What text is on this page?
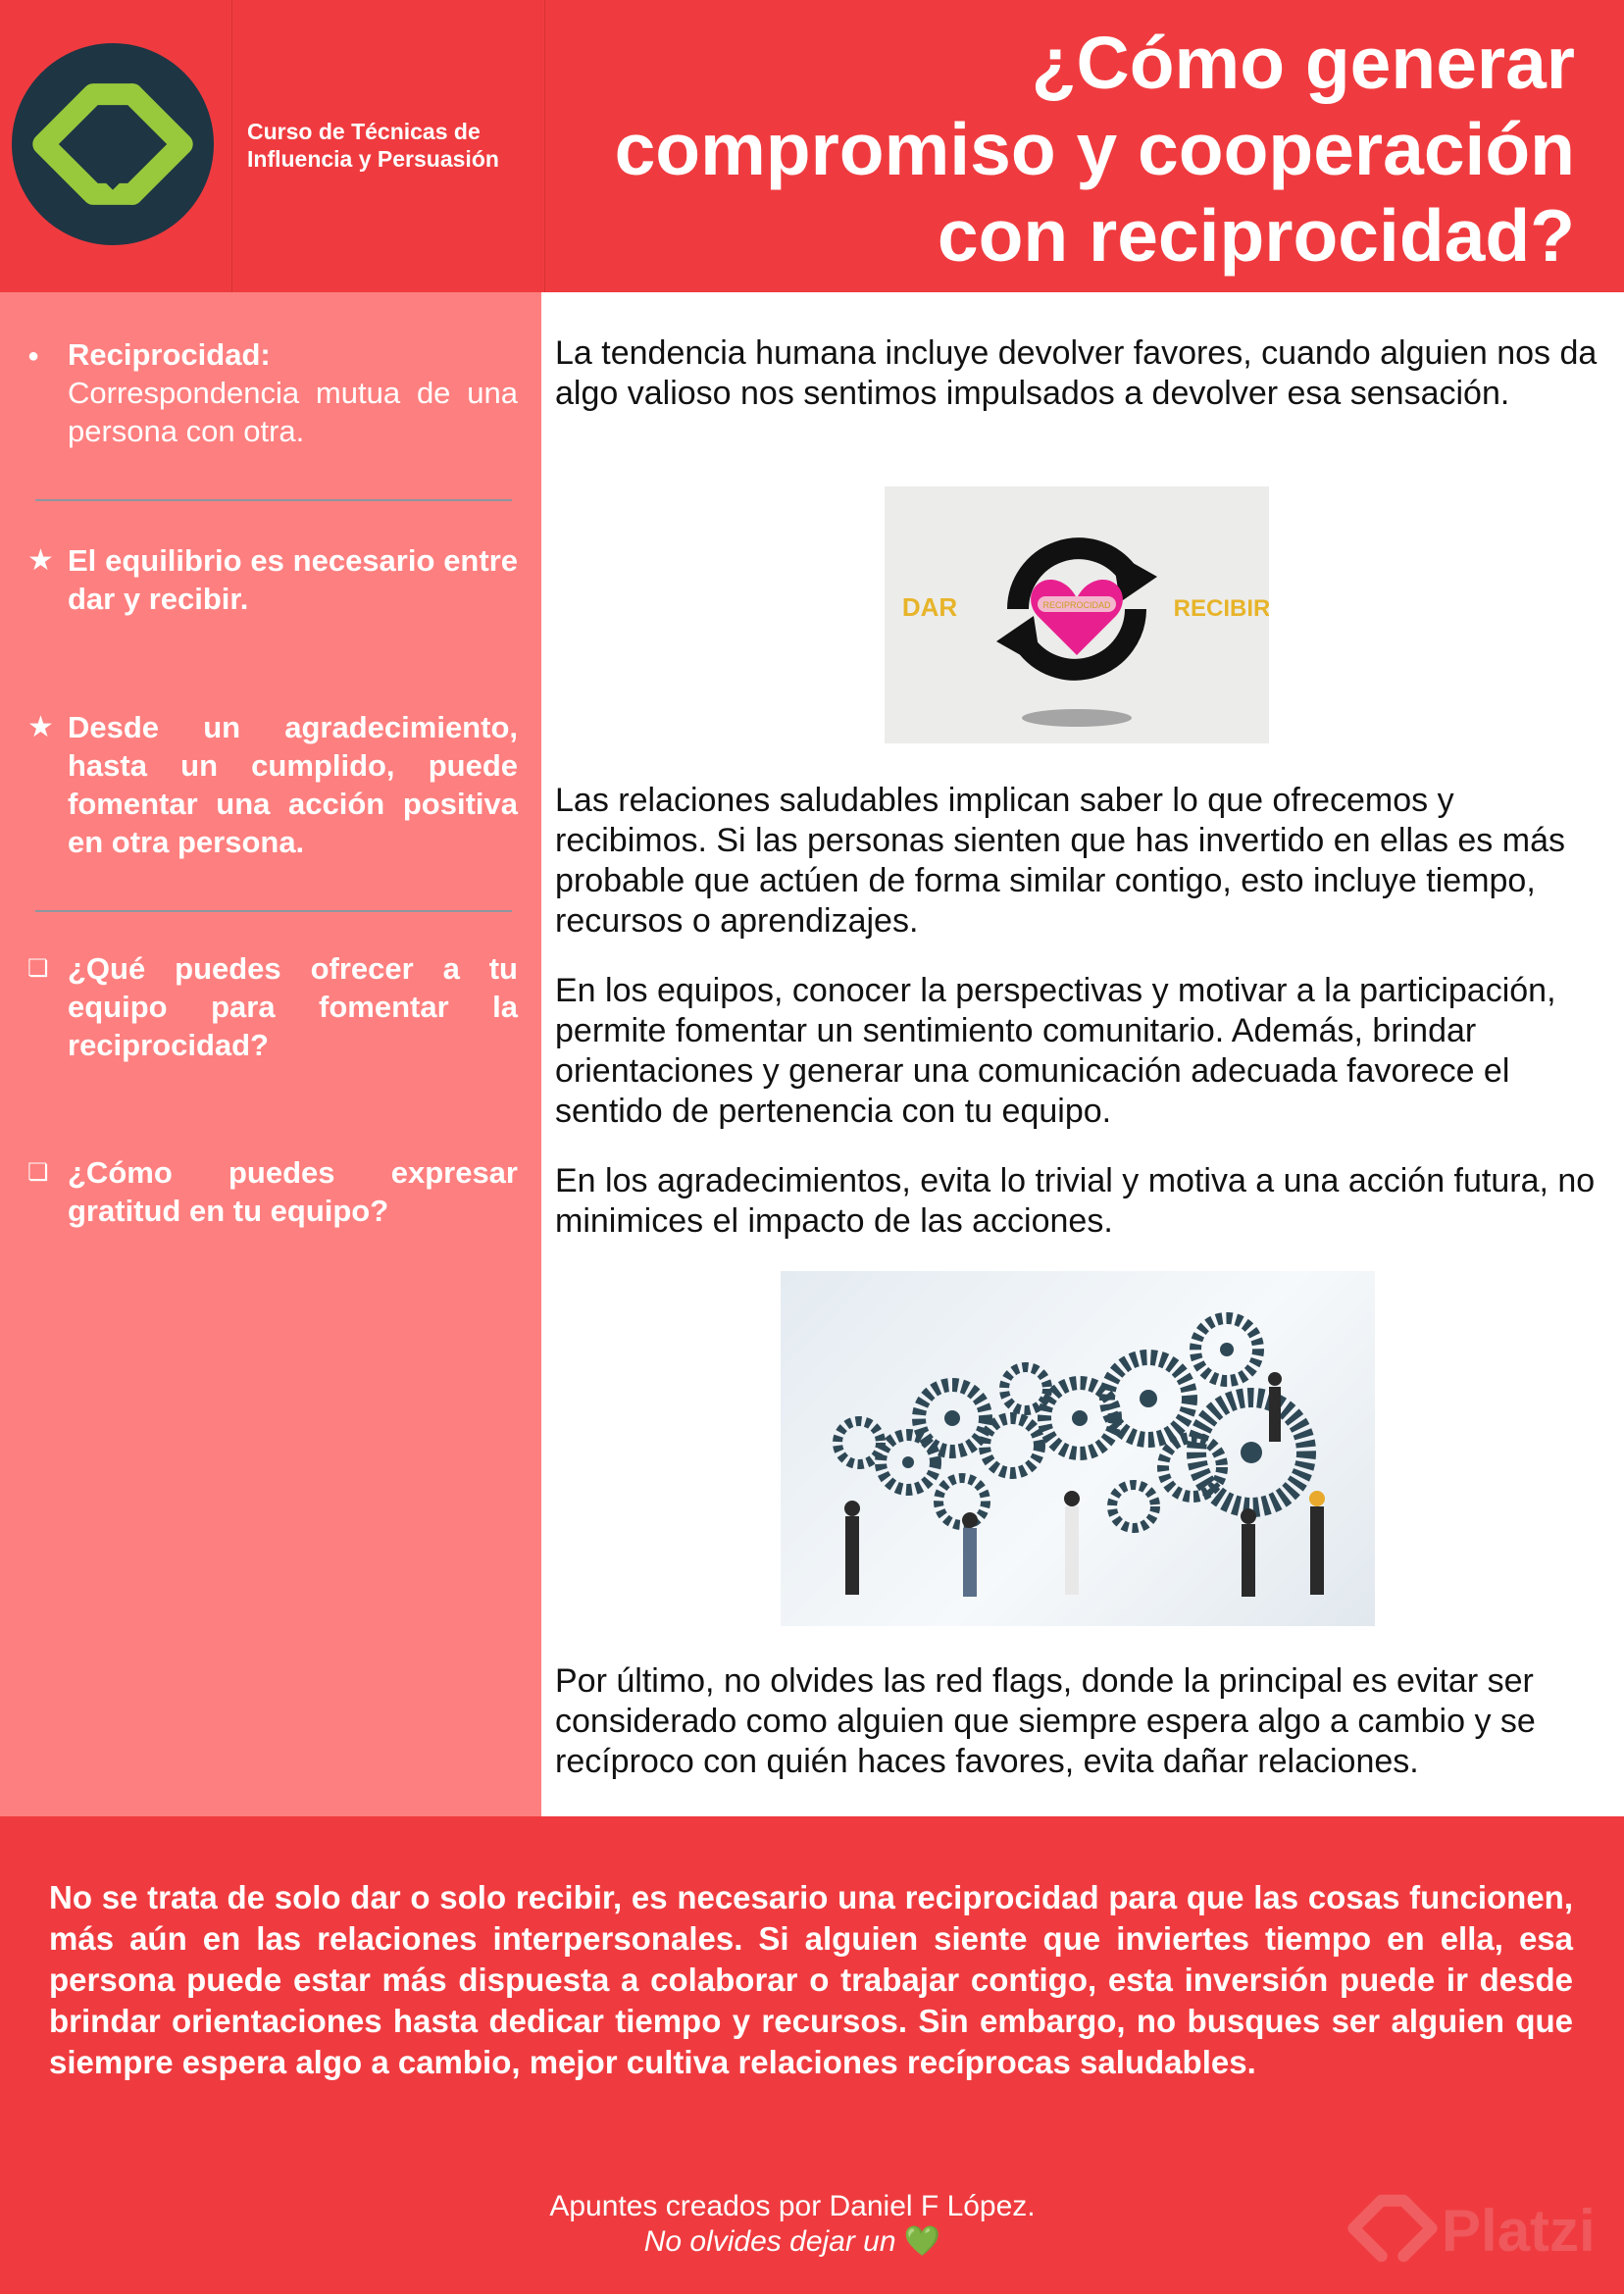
Curso de Técnicas de
Influencia y Persuasión
¿Cómo generar
compromiso y cooperación
con reciprocidad?
● Reciprocidad:
Correspondencia mutua de una persona con otra.
★ El equilibrio es necesario entre dar y recibir.
★ Desde un agradecimiento, hasta un cumplido, puede fomentar una acción positiva en otra persona.
❏ ¿Qué puedes ofrecer a tu equipo para fomentar la reciprocidad?
❏ ¿Cómo puedes expresar gratitud en tu equipo?
La tendencia humana incluye devolver favores, cuando alguien nos da algo valioso nos sentimos impulsados a devolver esa sensación.
RECIPROCIDAD
DAR	RECIBIR
Las relaciones saludables implican saber lo que ofrecemos y recibimos. Si las personas sienten que has invertido en ellas es más probable que actúen de forma similar contigo, esto incluye tiempo, recursos o aprendizajes.
En los equipos, conocer la perspectivas y motivar a la participación, permite fomentar un sentimiento comunitario. Además, brindar orientaciones y generar una comunicación adecuada favorece el sentido de pertenencia con tu equipo.
En los agradecimientos, evita lo trivial y motiva a una acción futura, no minimices el impacto de las acciones.
Por último, no olvides las red flags, donde la principal es evitar ser considerado como alguien que siempre espera algo a cambio y se recíproco con quién haces favores, evita dañar relaciones.
No se trata de solo dar o solo recibir, es necesario una reciprocidad para que las cosas funcionen, más aún en las relaciones interpersonales. Si alguien siente que inviertes tiempo en ella, esa persona puede estar más dispuesta a colaborar o trabajar contigo, esta inversión puede ir desde brindar orientaciones hasta dedicar tiempo y recursos. Sin embargo, no busques ser alguien que siempre espera algo a cambio, mejor cultiva relaciones recíprocas saludables.
Platzi
Apuntes creados por Daniel F López.
No olvides dejar un 💚
